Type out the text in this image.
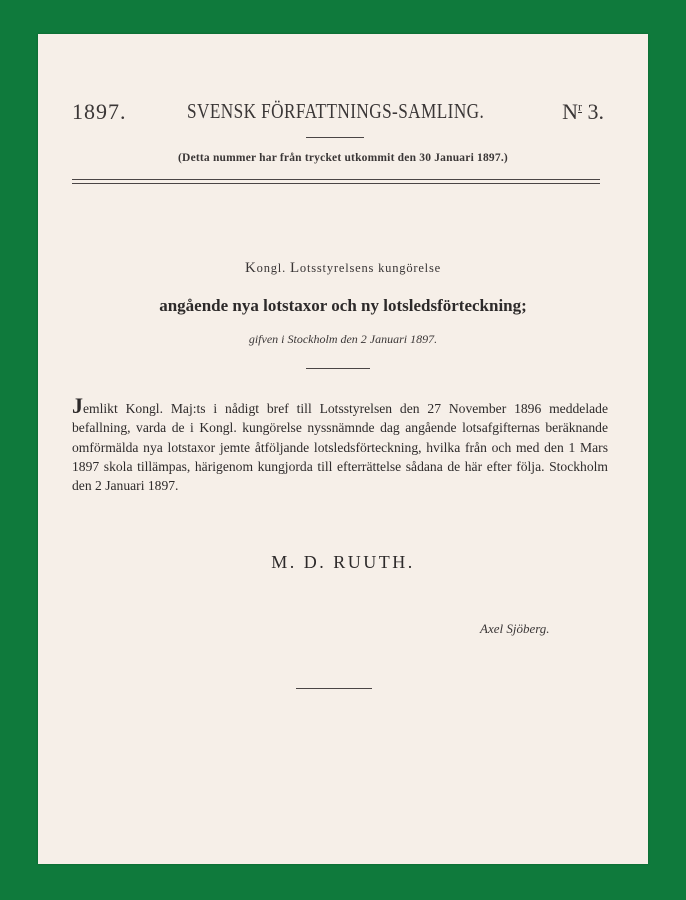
1897.	SVENSK FÖRFATTNINGS-SAMLING.	$N^r$ 3.
(Detta nummer har från trycket utkommit den 30 Januari 1897.)
Kongl. Lotsstyrelsens kungörelse
angående nya lotstaxor och ny lotsledsförteckning;
gifven i Stockholm den 2 Januari 1897.
Jemlikt Kongl. Maj:ts i nådigt bref till Lotsstyrelsen den 27 November 1896 meddelade befallning, varda de i Kongl. kungörelse nyssnämnde dag angående lotsafgifternas beräknande omförmälda nya lotstaxor jemte åtföljande lotsledsförteckning, hvilka från och med den 1 Mars 1897 skola tillämpas, härigenom kungjorda till efterrättelse sådana de här efter följa. Stockholm den 2 Januari 1897.
M. D. RUUTH.
Axel Sjöberg.
